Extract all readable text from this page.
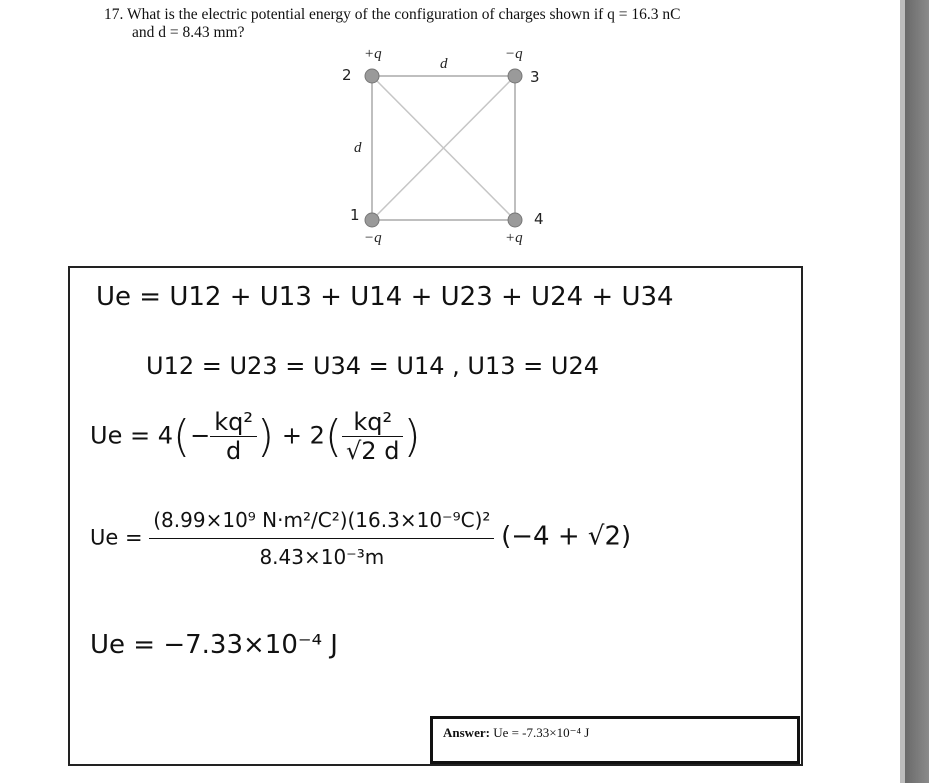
17. What is the electric potential energy of the configuration of charges shown if q = 16.3 nC
and d = 8.43 mm?
+q	−q
−q	+q
2	3
1	4
d
d
Ue = U12 + U13 + U14 + U23 + U24 + U34
U12 = U23 = U34 = U14 , U13 = U24
$Ue = 4(- \frac{\text{kq²}}{d}$ ) + $2( \frac{\text{kq²}}{√2 d}$ )
$Ue = \frac{\text{(8.99×10⁹ N·m²/C²)(16.3×10⁻⁹C)²}}{\text{8.43×10⁻³m}} (-4 + √2)$
Ue = −7.33×10⁻⁴ J
Answer: Ue = -7.33×10⁻⁴ J
